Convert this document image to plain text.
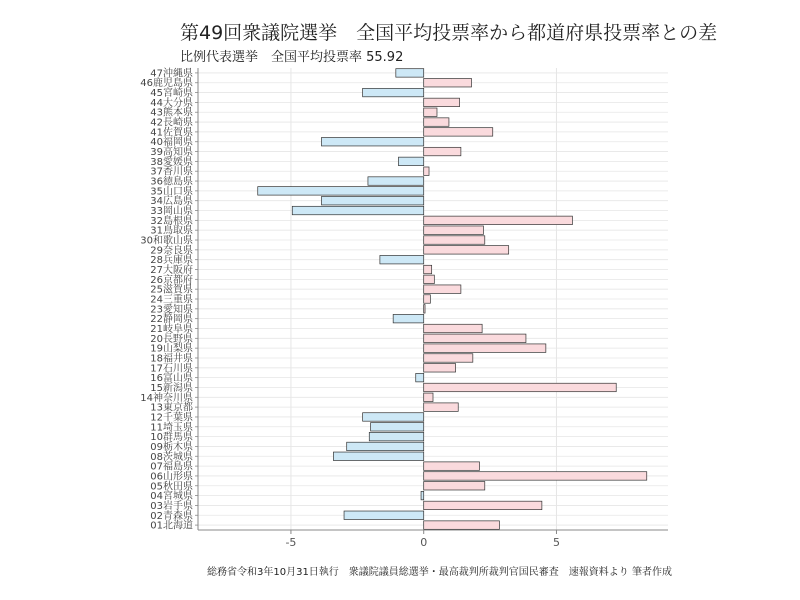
第49回衆議院選挙　全国平均投票率から都道府県投票率との差
比例代表選挙　全国平均投票率 55.92
01北海道
02青森県
03岩手県
04宮城県
05秋田県
06山形県
07福島県
08茨城県
09栃木県
10群馬県
11埼玉県
12千葉県
13東京都
14神奈川県
15新潟県
16富山県
17石川県
18福井県
19山梨県
20長野県
21岐阜県
22静岡県
23愛知県
24三重県
25滋賀県
26京都府
27大阪府
28兵庫県
29奈良県
30和歌山県
31鳥取県
32島根県
33岡山県
34広島県
35山口県
36徳島県
37香川県
38愛媛県
39高知県
40福岡県
41佐賀県
42長崎県
43熊本県
44大分県
45宮崎県
46鹿児島県
47沖縄県
-5	0	5
総務省令和3年10月31日執行　衆議院議員総選挙・最高裁判所裁判官国民審査　速報資料より 筆者作成
